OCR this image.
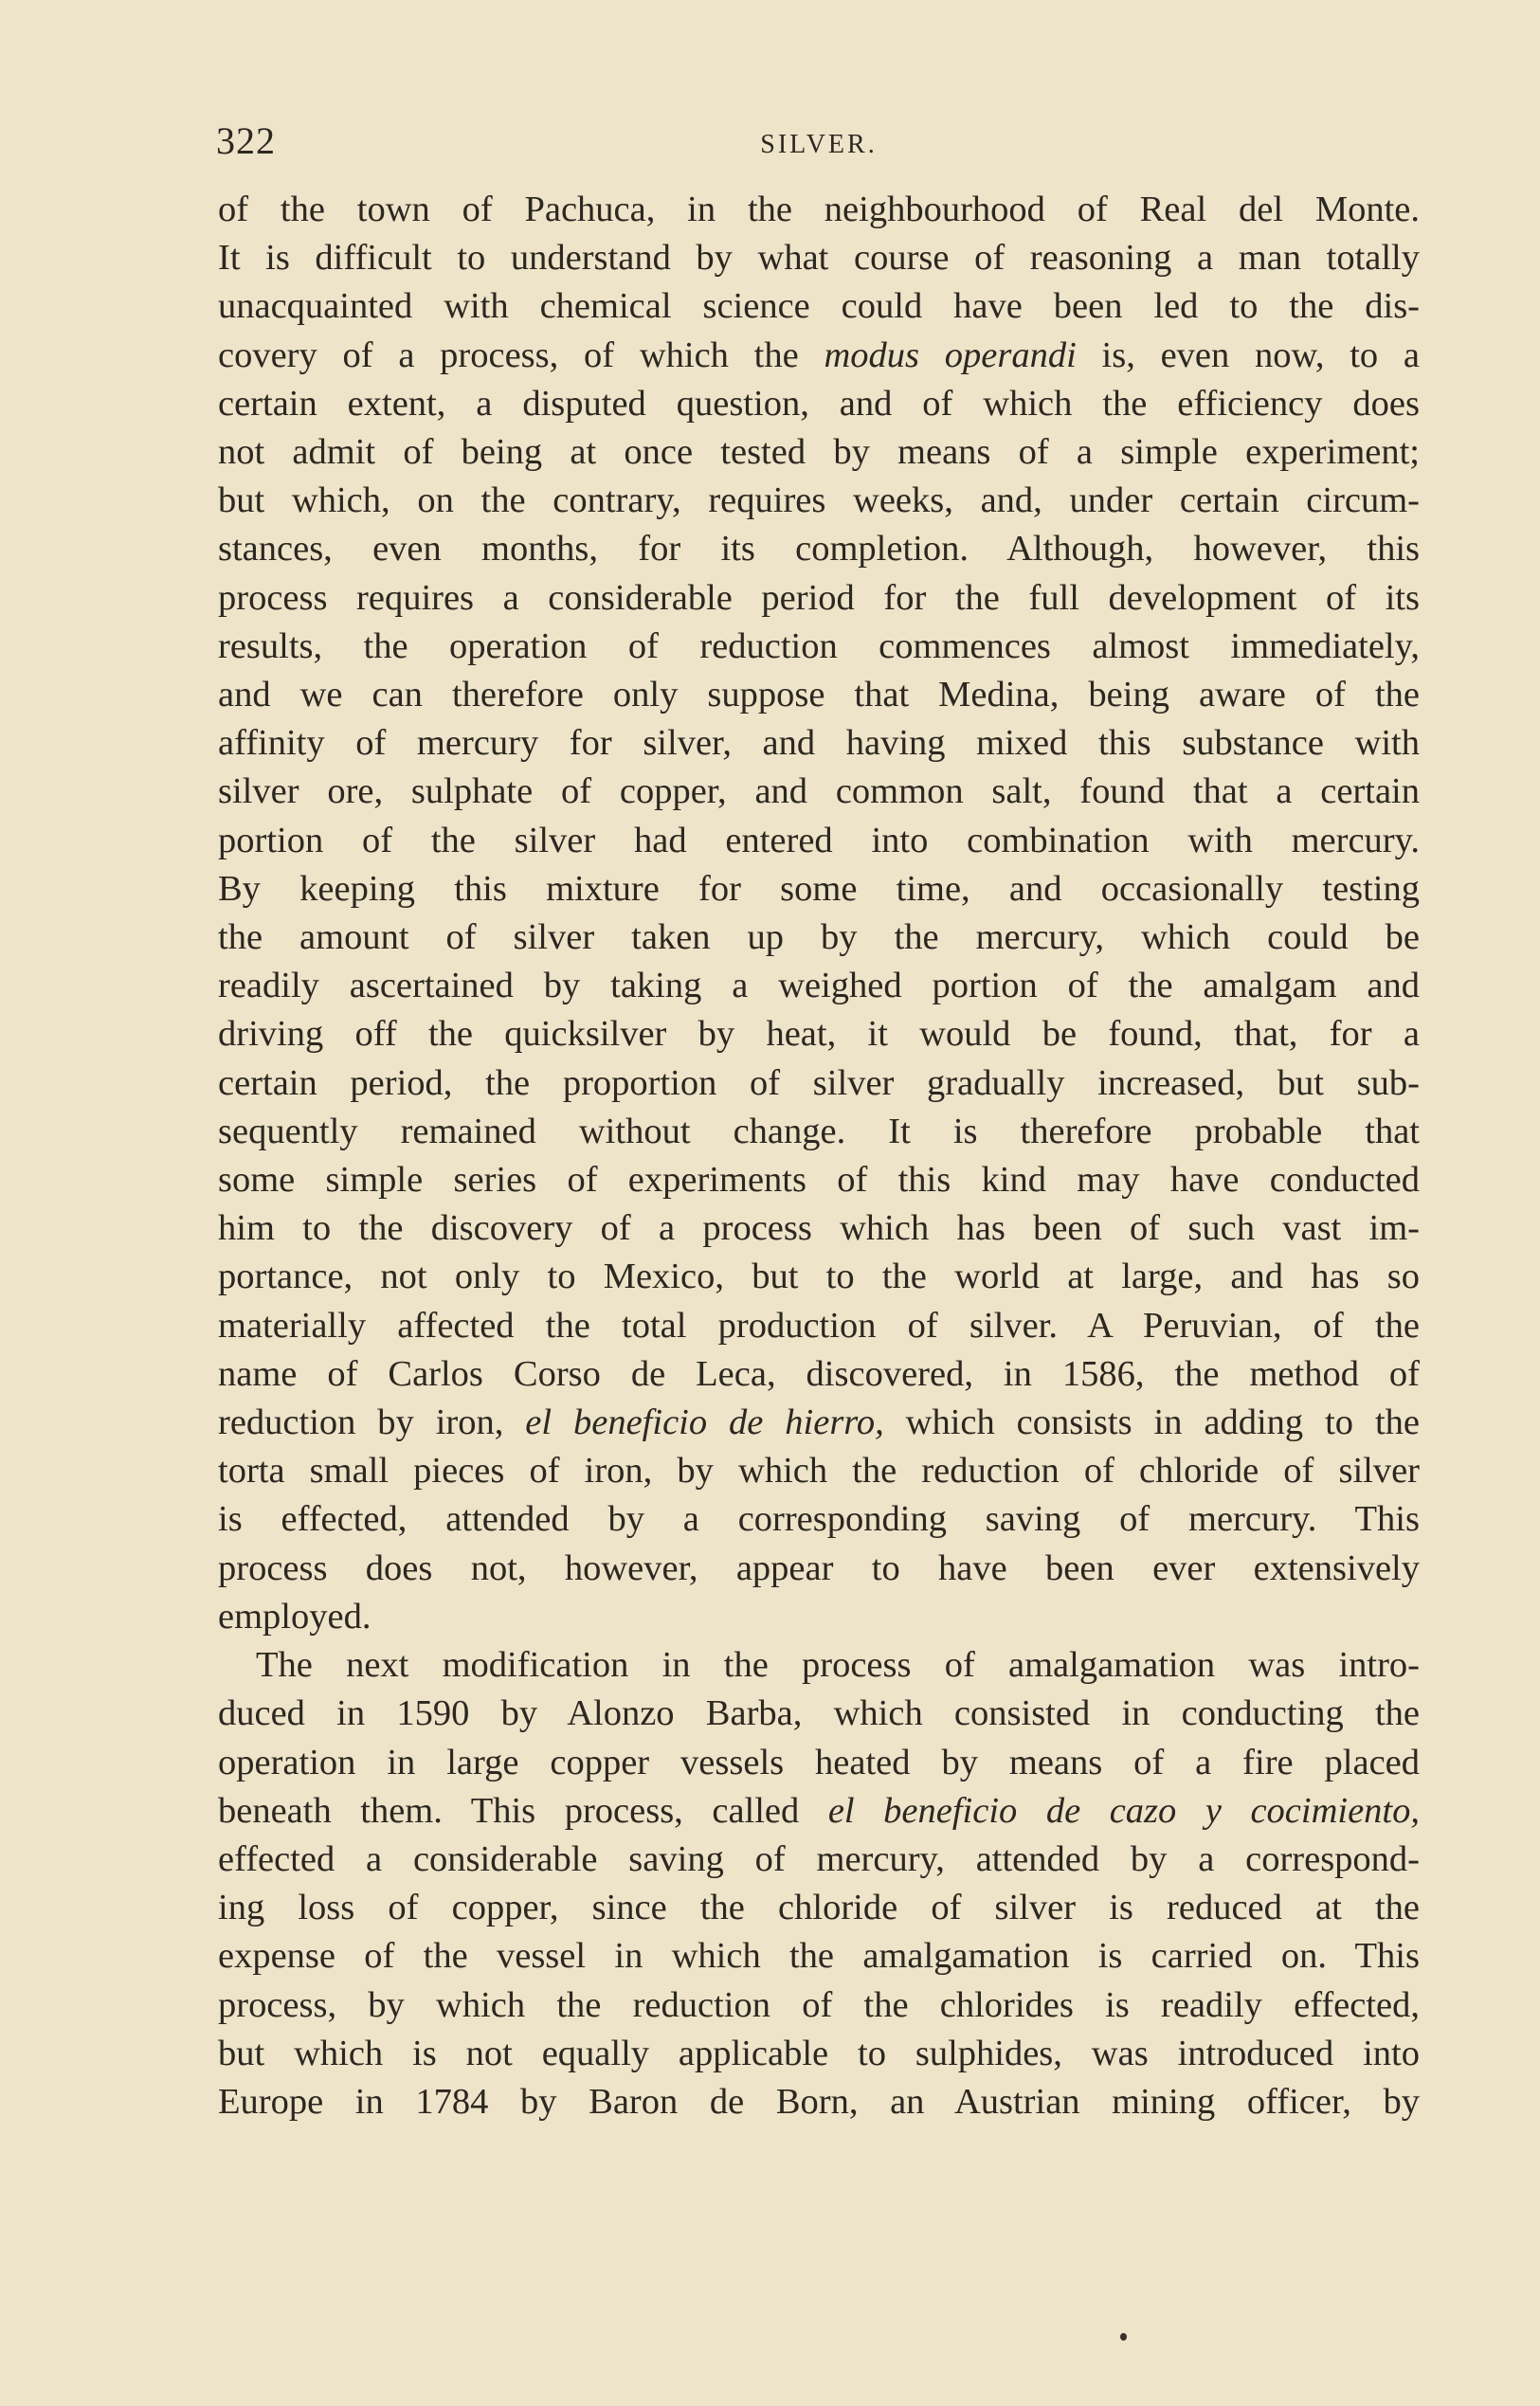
322	SILVER.
of the town of Pachuca, in the neighbourhood of Real del Monte.
It is difficult to understand by what course of reasoning a man totally
unacquainted with chemical science could have been led to the dis-
covery of a process, of which the modus operandi is, even now, to a
certain extent, a disputed question, and of which the efficiency does
not admit of being at once tested by means of a simple experiment;
but which, on the contrary, requires weeks, and, under certain circum-
stances, even months, for its completion. Although, however, this
process requires a considerable period for the full development of its
results, the operation of reduction commences almost immediately,
and we can therefore only suppose that Medina, being aware of the
affinity of mercury for silver, and having mixed this substance with
silver ore, sulphate of copper, and common salt, found that a certain
portion of the silver had entered into combination with mercury.
By keeping this mixture for some time, and occasionally testing
the amount of silver taken up by the mercury, which could be
readily ascertained by taking a weighed portion of the amalgam and
driving off the quicksilver by heat, it would be found, that, for a
certain period, the proportion of silver gradually increased, but sub-
sequently remained without change. It is therefore probable that
some simple series of experiments of this kind may have conducted
him to the discovery of a process which has been of such vast im-
portance, not only to Mexico, but to the world at large, and has so
materially affected the total production of silver. A Peruvian, of the
name of Carlos Corso de Leca, discovered, in 1586, the method of
reduction by iron, el beneficio de hierro, which consists in adding to the
torta small pieces of iron, by which the reduction of chloride of silver
is effected, attended by a corresponding saving of mercury. This
process does not, however, appear to have been ever extensively
employed.
The next modification in the process of amalgamation was intro-
duced in 1590 by Alonzo Barba, which consisted in conducting the
operation in large copper vessels heated by means of a fire placed
beneath them. This process, called el beneficio de cazo y cocimiento,
effected a considerable saving of mercury, attended by a correspond-
ing loss of copper, since the chloride of silver is reduced at the
expense of the vessel in which the amalgamation is carried on. This
process, by which the reduction of the chlorides is readily effected,
but which is not equally applicable to sulphides, was introduced into
Europe in 1784 by Baron de Born, an Austrian mining officer, by
